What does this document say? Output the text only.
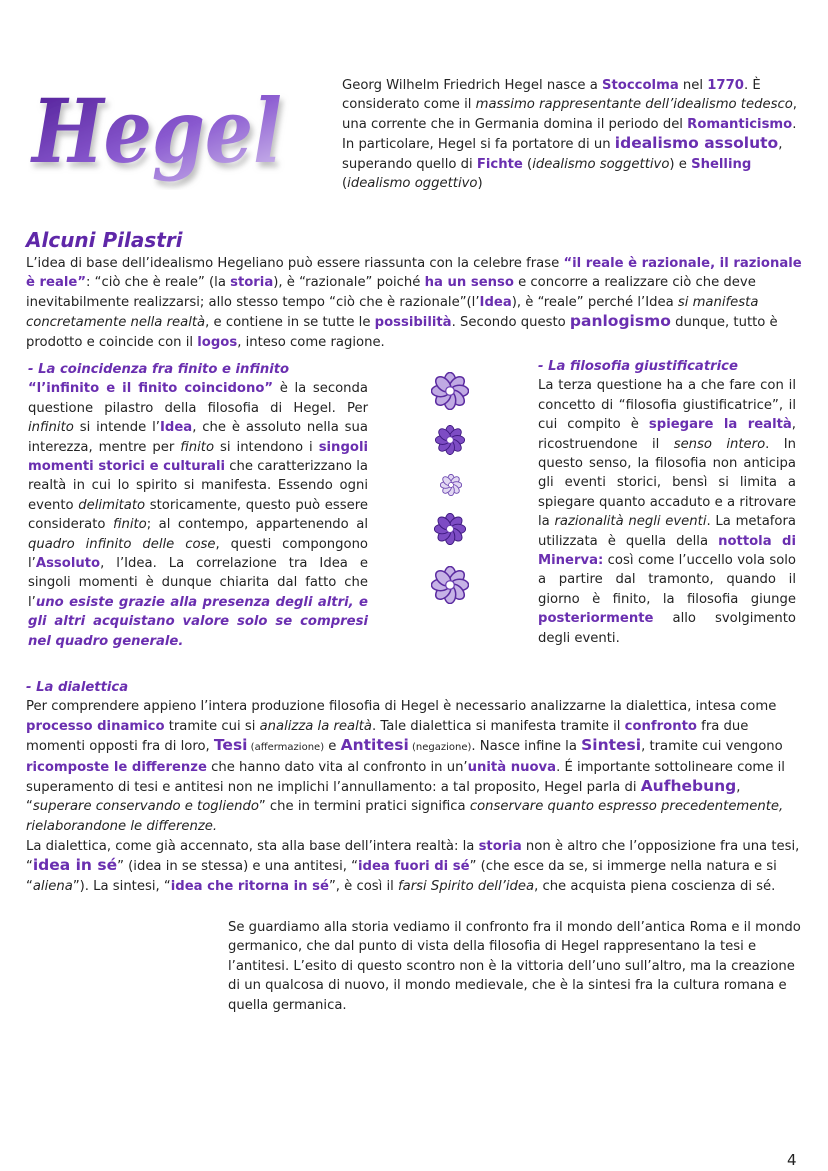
Hegel	Georg Wilhelm Friedrich Hegel nasce a Stoccolma nel 1770. È considerato come il massimo rappresentante dell’idealismo tedesco, una corrente che in Germania domina il periodo del Romanticismo. In particolare, Hegel si fa portatore di un idealismo assoluto, superando quello di Fichte (idealismo soggettivo) e Shelling (idealismo oggettivo)
Alcuni Pilastri
L’idea di base dell’idealismo Hegeliano può essere riassunta con la celebre frase “il reale è razionale, il razionale è reale”: “ciò che è reale” (la storia), è “razionale” poiché ha un senso e concorre a realizzare ciò che deve inevitabilmente realizzarsi; allo stesso tempo “ciò che è razionale”(l’Idea), è “reale” perché l’Idea si manifesta concretamente nella realtà, e contiene in se tutte le possibilità. Secondo questo panlogismo dunque, tutto è prodotto e coincide con il logos, inteso come ragione.
- La coincidenza fra finito e infinito
“l’infinito e il finito coincidono” è la seconda questione pilastro della filosofia di Hegel. Per infinito si intende l’Idea, che è assoluto nella sua interezza, mentre per finito si intendono i singoli momenti storici e culturali che caratterizzano la realtà in cui lo spirito si manifesta. Essendo ogni evento delimitato storicamente, questo può essere considerato finito; al contempo, appartenendo al quadro infinito delle cose, questi compongono l’Assoluto, l’Idea. La correlazione tra Idea e singoli momenti è dunque chiarita dal fatto che l’uno esiste grazie alla presenza degli altri, e gli altri acquistano valore solo se compresi nel quadro generale.
- La filosofia giustificatrice
La terza questione ha a che fare con il concetto di “filosofia giustificatrice”, il cui compito è spiegare la realtà, ricostruendone il senso intero. In questo senso, la filosofia non anticipa gli eventi storici, bensì si limita a spiegare quanto accaduto e a ritrovare la razionalità negli eventi. La metafora utilizzata è quella della nottola di Minerva: così come l’uccello vola solo a partire dal tramonto, quando il giorno è finito, la filosofia giunge posteriormente allo svolgimento degli eventi.
- La dialettica
Per comprendere appieno l’intera produzione filosofia di Hegel è necessario analizzarne la dialettica, intesa come processo dinamico tramite cui si analizza la realtà. Tale dialettica si manifesta tramite il confronto fra due momenti opposti fra di loro, Tesi (affermazione) e Antitesi (negazione). Nasce infine la Sintesi, tramite cui vengono ricomposte le differenze che hanno dato vita al confronto in un’unità nuova. É importante sottolineare come il superamento di tesi e antitesi non ne implichi l’annullamento: a tal proposito, Hegel parla di Aufhebung, “superare conservando e togliendo” che in termini pratici significa conservare quanto espresso precedentemente, rielaborandone le differenze.
La dialettica, come già accennato, sta alla base dell’intera realtà: la storia non è altro che l’opposizione fra una tesi, “idea in sé” (idea in se stessa) e una antitesi, “idea fuori di sé” (che esce da se, si immerge nella natura e si “aliena”). La sintesi, “idea che ritorna in sé”, è così il farsi Spirito dell’idea, che acquista piena coscienza di sé.
Se guardiamo alla storia vediamo il confronto fra il mondo dell’antica Roma e il mondo germanico, che dal punto di vista della filosofia di Hegel rappresentano la tesi e l’antitesi. L’esito di questo scontro non è la vittoria dell’uno sull’altro, ma la creazione di un qualcosa di nuovo, il mondo medievale, che è la sintesi fra la cultura romana e quella germanica.
4
